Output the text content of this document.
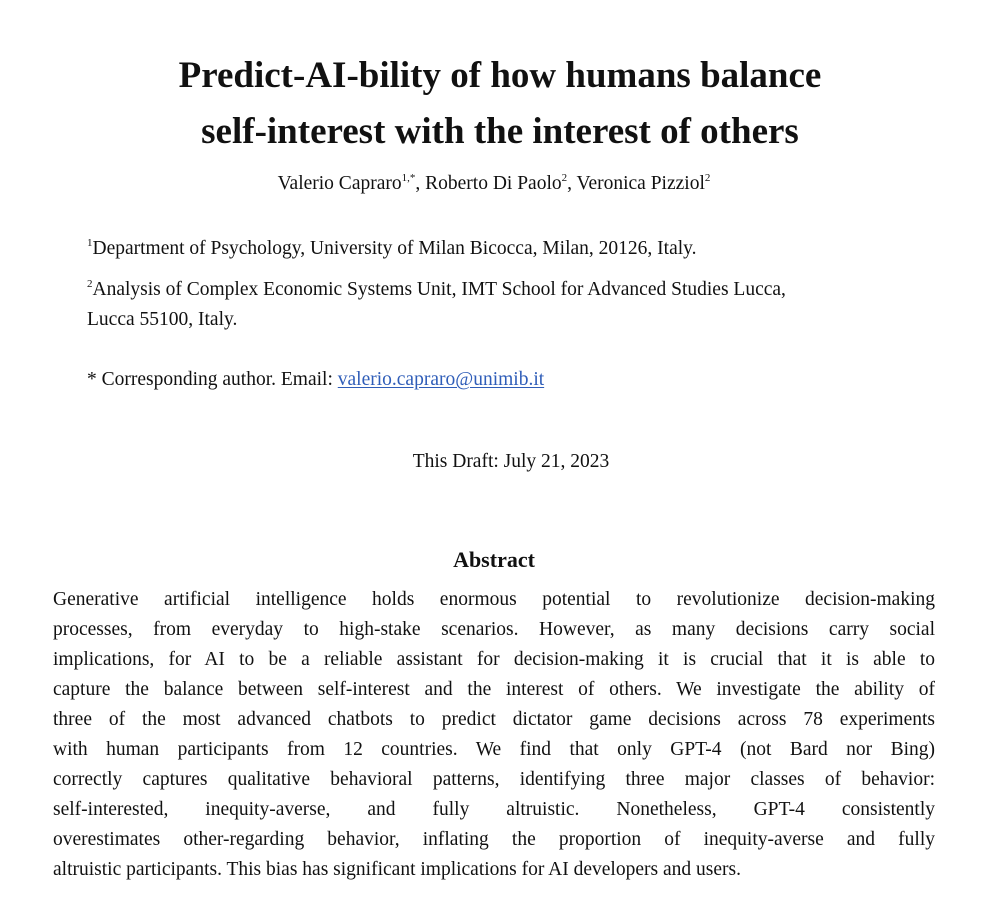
Predict-AI-bility of how humans balance
self-interest with the interest of others
Valerio Capraro$^{1,*}$, Roberto Di Paolo$^2$, Veronica Pizziol$^2$
$^1$Department of Psychology, University of Milan Bicocca, Milan, 20126, Italy.
$^2$Analysis of Complex Economic Systems Unit, IMT School for Advanced Studies Lucca,
Lucca 55100, Italy.
* Corresponding author. Email: valerio.capraro@unimib.it
This Draft: July 21, 2023
Abstract
Generative artificial intelligence holds enormous potential to revolutionize decision-making
processes, from everyday to high-stake scenarios. However, as many decisions carry social
implications, for AI to be a reliable assistant for decision-making it is crucial that it is able to
capture the balance between self-interest and the interest of others. We investigate the ability of
three of the most advanced chatbots to predict dictator game decisions across 78 experiments
with human participants from 12 countries. We find that only GPT-4 (not Bard nor Bing)
correctly captures qualitative behavioral patterns, identifying three major classes of behavior:
self-interested, inequity-averse, and fully altruistic. Nonetheless, GPT-4 consistently
overestimates other-regarding behavior, inflating the proportion of inequity-averse and fully
altruistic participants. This bias has significant implications for AI developers and users.
